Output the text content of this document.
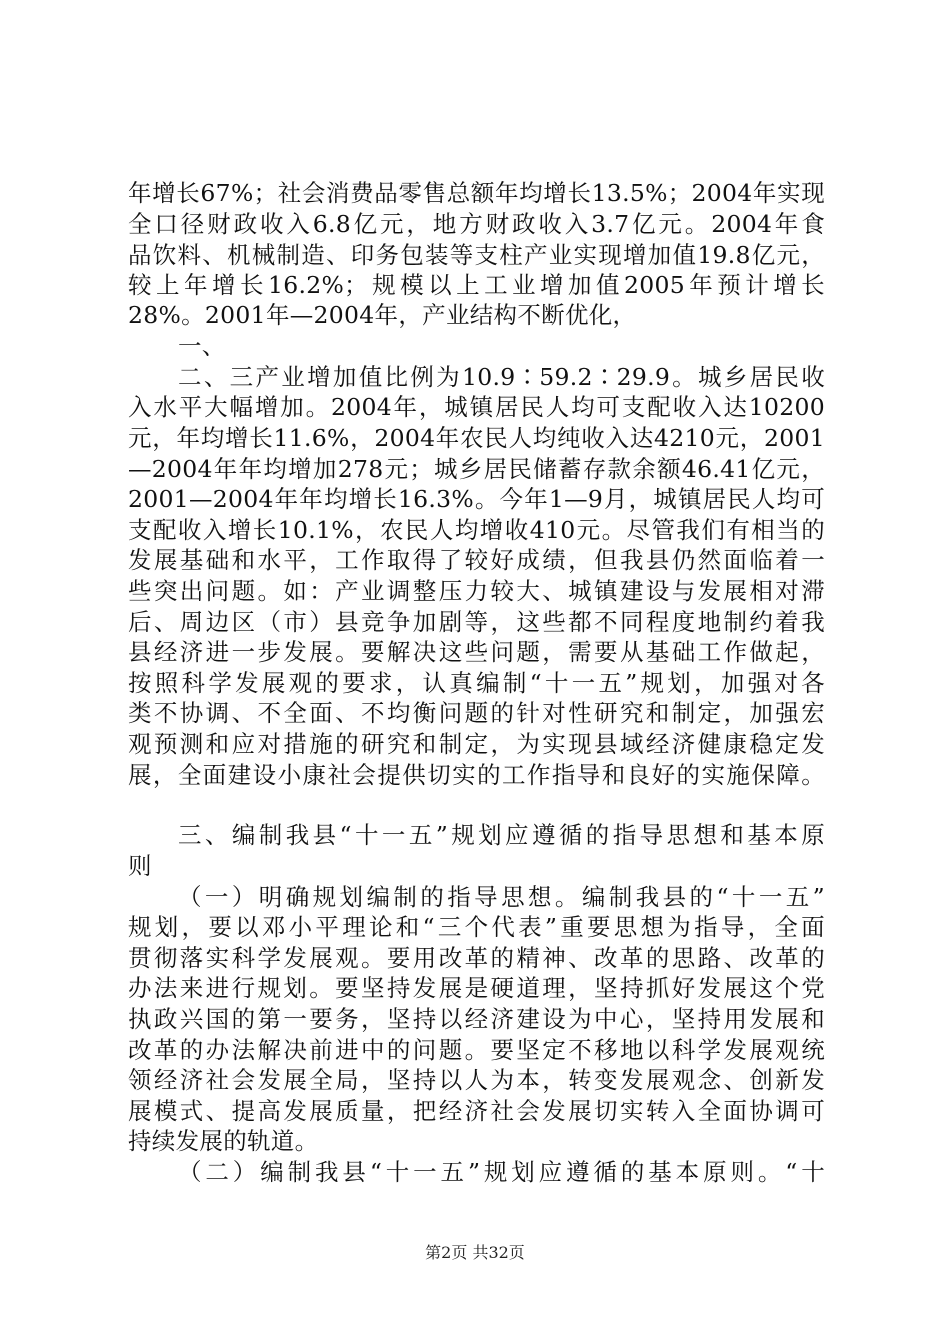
年增长67%；社会消费品零售总额年均增长13.5%；2004年实现
全口径财政收入6.8亿元，地方财政收入3.7亿元。2004年食
品饮料、机械制造、印务包装等支柱产业实现增加值19.8亿元，
较上年增长16.2%；规模以上工业增加值2005年预计增长
28%。2001年—2004年，产业结构不断优化，
一、
二、三产业增加值比例为10.9∶59.2∶29.9。城乡居民收
入水平大幅增加。2004年，城镇居民人均可支配收入达10200
元，年均增长11.6%，2004年农民人均纯收入达4210元，2001
—2004年年均增加278元；城乡居民储蓄存款余额46.41亿元，
2001—2004年年均增长16.3%。今年1—9月，城镇居民人均可
支配收入增长10.1%，农民人均增收410元。尽管我们有相当的
发展基础和水平，工作取得了较好成绩，但我县仍然面临着一
些突出问题。如：产业调整压力较大、城镇建设与发展相对滞
后、周边区（市）县竞争加剧等，这些都不同程度地制约着我
县经济进一步发展。要解决这些问题，需要从基础工作做起，
按照科学发展观的要求，认真编制“十一五”规划，加强对各
类不协调、不全面、不均衡问题的针对性研究和制定，加强宏
观预测和应对措施的研究和制定，为实现县域经济健康稳定发
展，全面建设小康社会提供切实的工作指导和良好的实施保障。
三、编制我县“十一五”规划应遵循的指导思想和基本原
则
（一）明确规划编制的指导思想。编制我县的“十一五”
规划，要以邓小平理论和“三个代表”重要思想为指导，全面
贯彻落实科学发展观。要用改革的精神、改革的思路、改革的
办法来进行规划。要坚持发展是硬道理，坚持抓好发展这个党
执政兴国的第一要务，坚持以经济建设为中心，坚持用发展和
改革的办法解决前进中的问题。要坚定不移地以科学发展观统
领经济社会发展全局，坚持以人为本，转变发展观念、创新发
展模式、提高发展质量，把经济社会发展切实转入全面协调可
持续发展的轨道。
（二）编制我县“十一五”规划应遵循的基本原则。“十
第2页 共32页
